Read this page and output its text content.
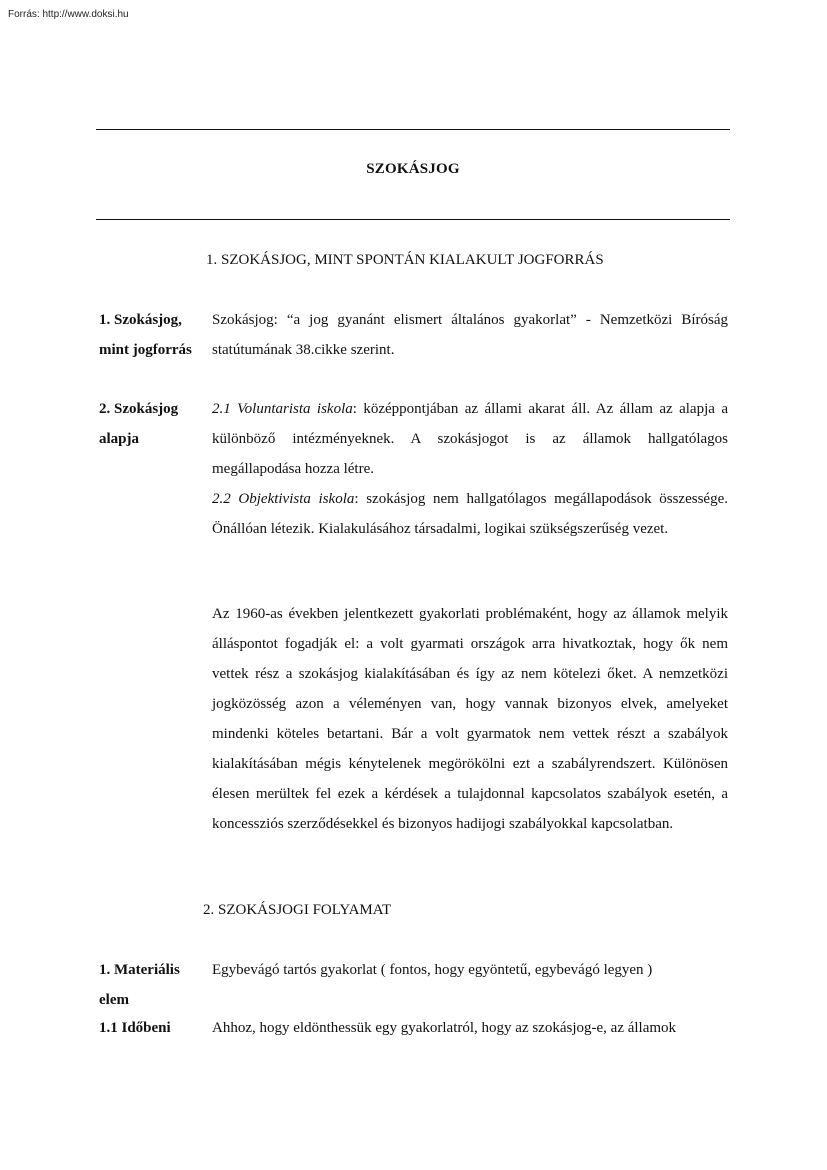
Forrás: http://www.doksi.hu
SZOKÁSJOG
1. SZOKÁSJOG, MINT SPONTÁN KIALAKULT JOGFORRÁS
1. Szokásjog,
mint jogforrás

Szokásjog: “a jog gyanánt elismert általános gyakorlat” - Nemzetközi Bíróság statútumának 38.cikke szerint.

2. Szokásjog
alapja

2.1 Voluntarista iskola: középpontjában az állami akarat áll. Az állam az alapja a különböző intézményeknek. A szokásjogot is az államok hallgatólagos megállapodása hozza létre.

2.2 Objektivista iskola: szokásjog nem hallgatólagos megállapodások összessége. Önállóan létezik. Kialakulásához társadalmi, logikai szükségszerűség vezet.

Az 1960-as években jelentkezett gyakorlati problémaként, hogy az államok melyik álláspontot fogadják el: a volt gyarmati országok arra hivatkoztak, hogy ők nem vettek rész a szokásjog kialakításában és így az nem kötelezi őket. A nemzetközi jogközösség azon a véleményen van, hogy vannak bizonyos elvek, amelyeket mindenki köteles betartani. Bár a volt gyarmatok nem vettek részt a szabályok kialakításában mégis kénytelenek megörökölni ezt a szabályrendszert. Különösen élesen merültek fel ezek a kérdések a tulajdonnal kapcsolatos szabályok esetén, a koncessziós szerződésekkel és bizonyos hadijogi szabályokkal kapcsolatban.

2. SZOKÁSJOGI FOLYAMAT
1. Materiális
elem

Egybevágó tartós gyakorlat ( fontos, hogy egyöntetű, egybevágó legyen )

1.1 Időbeni	Ahhoz, hogy eldönthessük egy gyakorlatról, hogy az szokásjog-e, az államok
